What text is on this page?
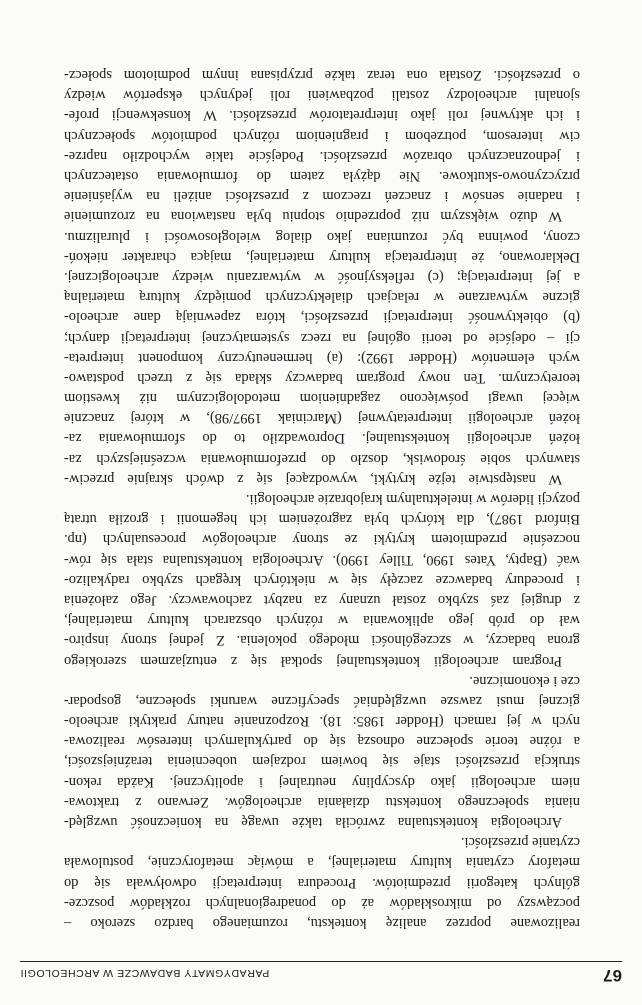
67
PARADYGMATY BADAWCZE W ARCHEOLOGII
realizowane poprzez analizę kontekstu, rozumianego bardzo szeroko –
począwszy od mikroskładów aż do ponadregionalnych rozkładów poszcze-
gólnych kategorii przedmiotów. Procedura interpretacji odwoływała się do
metafory czytania kultury materialnej, a mówiąc metaforycznie, postulowała
czytanie przeszłości.
Archeologia kontekstualna zwróciła także uwagę na konieczność uwzględ-
niania społecznego kontekstu działania archeologów. Zerwano z traktowa-
niem archeologii jako dyscypliny neutralnej i apolitycznej. Każda rekon-
strukcja przeszłości staje się bowiem rodzajem uobecnienia teraźniejszości,
a różne teorie społeczne odnoszą się do partykularnych interesów realizowa-
nych w jej ramach (Hodder 1985: 18). Rozpoznanie natury praktyki archeolo-
gicznej musi zawsze uwzględniać specyficzne warunki społeczne, gospodar-
cze i ekonomiczne.
Program archeologii kontekstualnej spotkał się z entuzjazmem szerokiego
grona badaczy, w szczególności młodego pokolenia. Z jednej strony inspiro-
wał do prób jego aplikowania w różnych obszarach kultury materialnej,
z drugiej zaś szybko został uznany za nazbyt zachowawczy. Jego założenia
i procedury badawcze zaczęły się w niektórych kręgach szybko radykalizo-
wać (Bapty, Yates 1990, Tilley 1990). Archeologia kontekstualna stała się rów-
nocześnie przedmiotem krytyki ze strony archeologów procesualnych (np.
Binford 1987), dla których była zagrożeniem ich hegemonii i groziła utratą
pozycji liderów w intelektualnym krajobrazie archeologii.
W następstwie tejże krytyki, wywodzącej się z dwóch skrajnie przeciw-
stawnych sobie środowisk, doszło do przeformułowania wcześniejszych za-
łożeń archeologii kontekstualnej. Doprowadziło to do sformułowania za-
łożeń archeologii interpretatywnej (Marciniak 1997/98), w której znacznie
więcej uwagi poświęcono zagadnieniom metodologicznym niż kwestiom
teoretycznym. Ten nowy program badawczy składa się z trzech podstawo-
wych elementów (Hodder 1992): (a) hermeneutyczny komponent interpreta-
cji – odejście od teorii ogólnej na rzecz systematycznej interpretacji danych;
(b) obiektywność interpretacji przeszłości, która zapewniają dane archeolo-
giczne wytwarzane w relacjach dialektycznych pomiędzy kulturą materialną
a jej interpretacją; (c) refleksyjność w wytwarzaniu wiedzy archeologicznej.
Deklarowano, że interpretacja kultury materialnej, mająca charakter niekoń-
czony, powinna być rozumiana jako dialog wielogłosowości i pluralizmu.
W dużo większym niż poprzednio stopniu była nastawiona na zrozumienie
i nadanie sensów i znaczeń rzeczom z przeszłości aniżeli na wyjaśnienie
przyczynowo-skutkowe. Nie dążyła zatem do formułowania ostatecznych
i jednoznacznych obrazów przeszłości. Podejście takie wychodziło naprze-
ciw interesom, potrzebom i pragnieniom różnych podmiotów społecznych
i ich aktywnej roli jako interpretatorów przeszłości. W konsekwencji profe-
sjonalni archeolodzy zostali pozbawieni roli jedynych ekspertów wiedzy
o przeszłości. Została ona teraz także przypisana innym podmiotom społecz-
